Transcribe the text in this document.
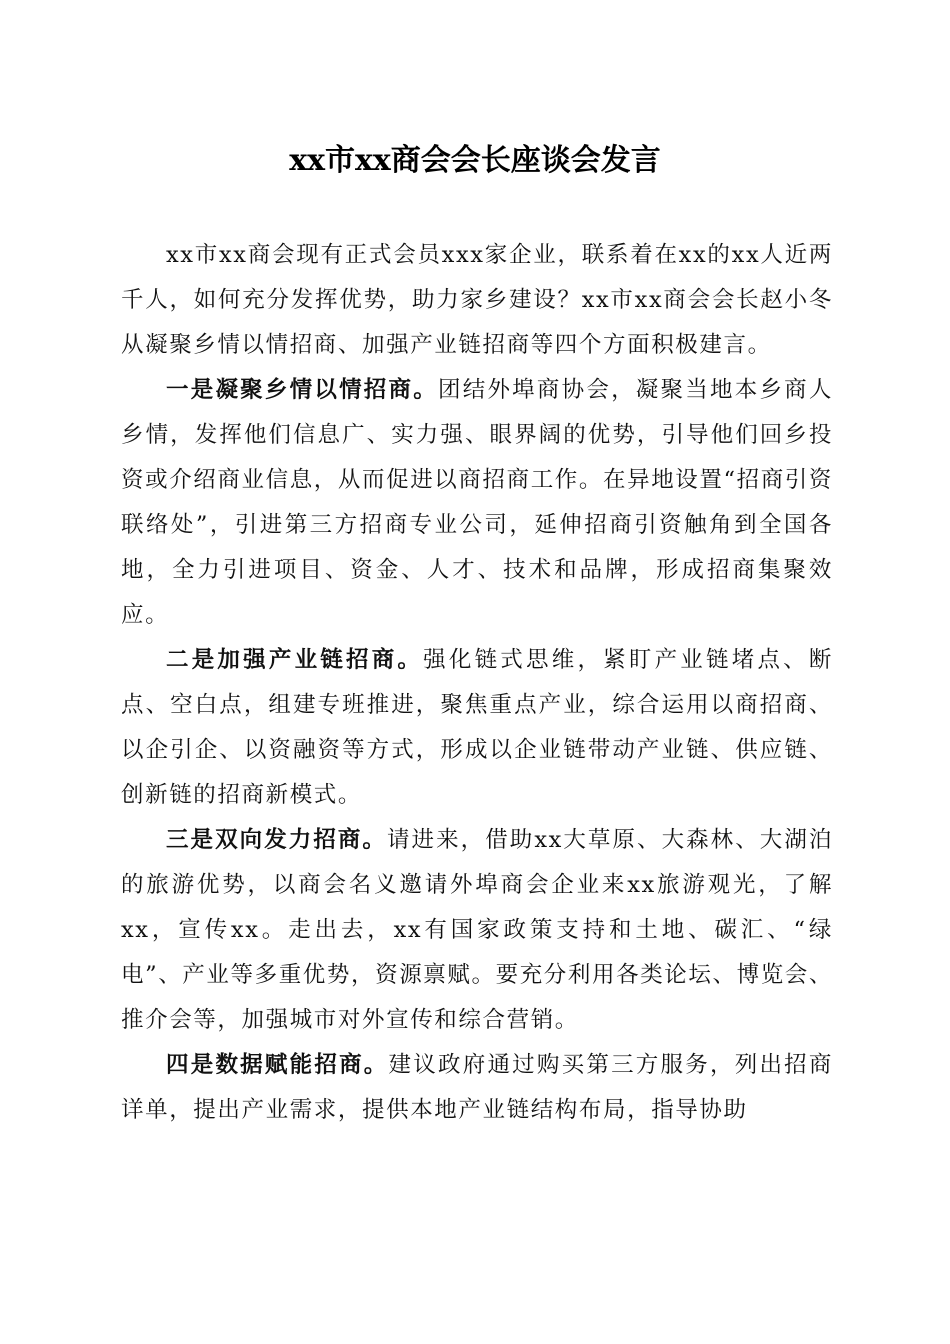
xx市xx商会会长座谈会发言

xx市xx商会现有正式会员xxx家企业，联系着在xx的xx人近两千人，如何充分发挥优势，助力家乡建设？xx市xx商会会长赵小冬从凝聚乡情以情招商、加强产业链招商等四个方面积极建言。

一是凝聚乡情以情招商。团结外埠商协会，凝聚当地本乡商人乡情，发挥他们信息广、实力强、眼界阔的优势，引导他们回乡投资或介绍商业信息，从而促进以商招商工作。在异地设置“招商引资联络处”，引进第三方招商专业公司，延伸招商引资触角到全国各地，全力引进项目、资金、人才、技术和品牌，形成招商集聚效应。

二是加强产业链招商。强化链式思维，紧盯产业链堵点、断点、空白点，组建专班推进，聚焦重点产业，综合运用以商招商、以企引企、以资融资等方式，形成以企业链带动产业链、供应链、创新链的招商新模式。

三是双向发力招商。请进来，借助xx大草原、大森林、大湖泊的旅游优势，以商会名义邀请外埠商会企业来xx旅游观光，了解xx，宣传xx。走出去，xx有国家政策支持和土地、碳汇、“绿电”、产业等多重优势，资源禀赋。要充分利用各类论坛、博览会、推介会等，加强城市对外宣传和综合营销。

四是数据赋能招商。建议政府通过购买第三方服务，列出招商详单，提出产业需求，提供本地产业链结构布局，指导协助
